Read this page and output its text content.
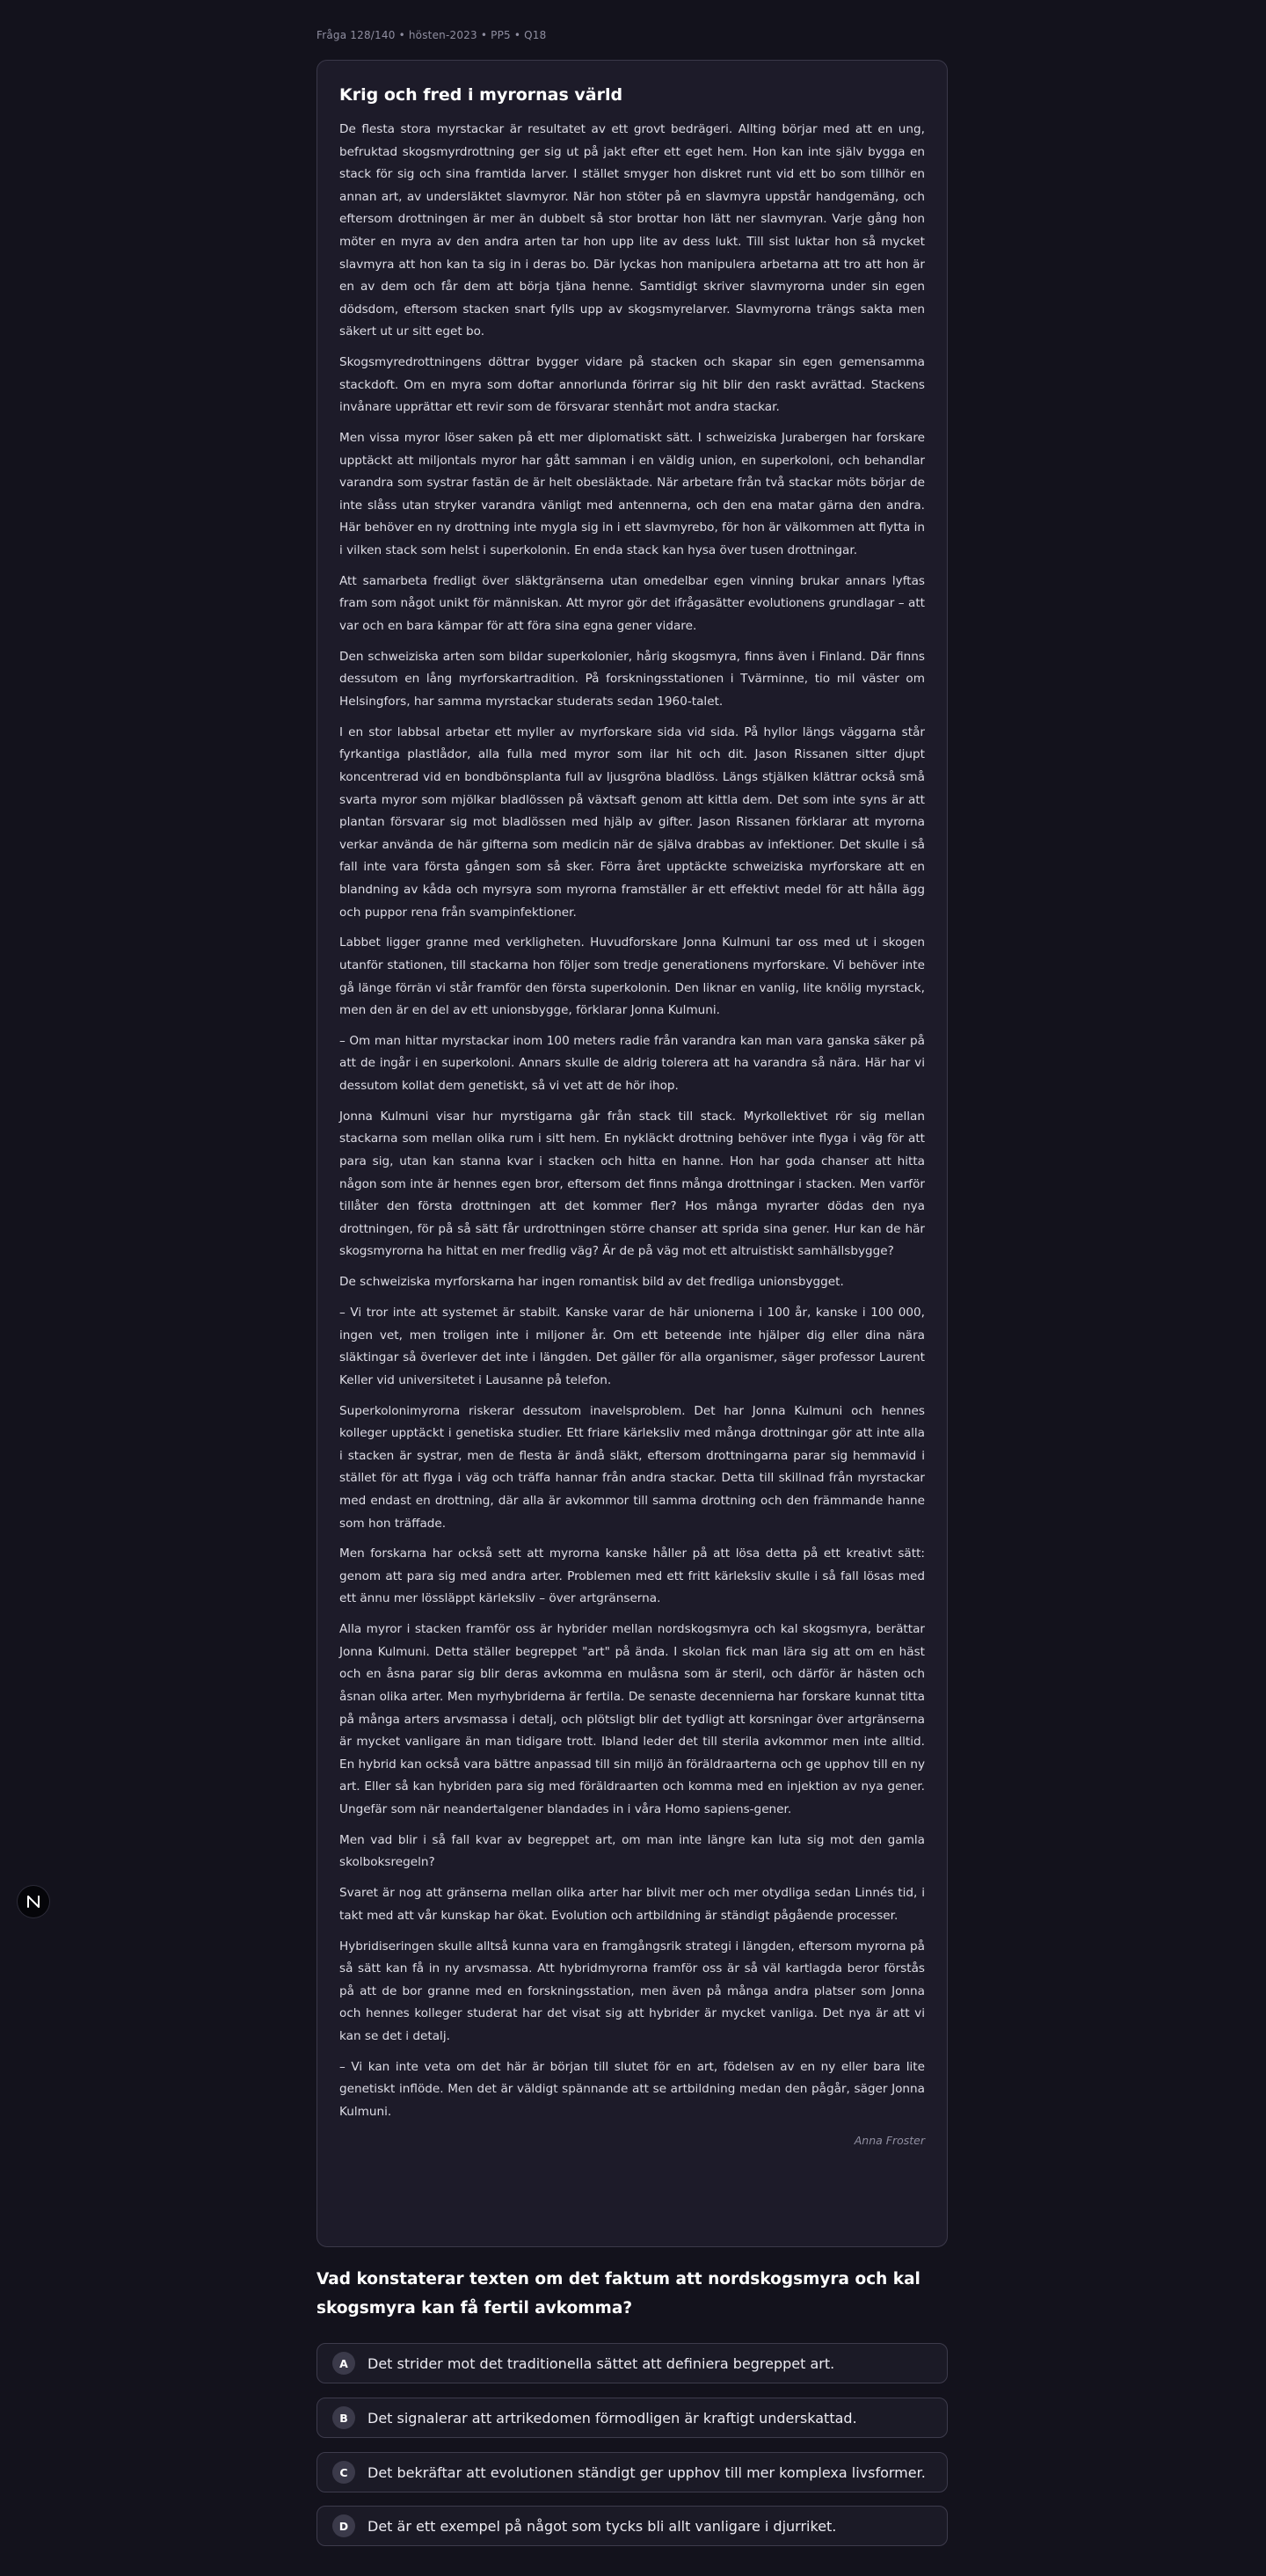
Fråga 128/140 • hösten-2023 • PP5 • Q18
Krig och fred i myrornas värld

De flesta stora myrstackar är resultatet av ett grovt bedrägeri. Allting börjar med att en ung, befruktad skogsmyrdrottning ger sig ut på jakt efter ett eget hem. Hon kan inte själv bygga en stack för sig och sina framtida larver. I stället smyger hon diskret runt vid ett bo som tillhör en annan art, av undersläktet slavmyror. När hon stöter på en slavmyra uppstår handgemäng, och eftersom drottningen är mer än dubbelt så stor brottar hon lätt ner slavmyran. Varje gång hon möter en myra av den andra arten tar hon upp lite av dess lukt. Till sist luktar hon så mycket slavmyra att hon kan ta sig in i deras bo. Där lyckas hon manipulera arbetarna att tro att hon är en av dem och får dem att börja tjäna henne. Samtidigt skriver slavmyrorna under sin egen dödsdom, eftersom stacken snart fylls upp av skogsmyrelarver. Slavmyrorna trängs sakta men säkert ut ur sitt eget bo.

Skogsmyredrottningens döttrar bygger vidare på stacken och skapar sin egen gemensamma stackdoft. Om en myra som doftar annorlunda förirrar sig hit blir den raskt avrättad. Stackens invånare upprättar ett revir som de försvarar stenhårt mot andra stackar.

Men vissa myror löser saken på ett mer diplomatiskt sätt. I schweiziska Jurabergen har forskare upptäckt att miljontals myror har gått samman i en väldig union, en superkoloni, och behandlar varandra som systrar fastän de är helt obesläktade. När arbetare från två stackar möts börjar de inte slåss utan stryker varandra vänligt med antennerna, och den ena matar gärna den andra. Här behöver en ny drottning inte mygla sig in i ett slavmyrebo, för hon är välkommen att flytta in i vilken stack som helst i superkolonin. En enda stack kan hysa över tusen drottningar.

Att samarbeta fredligt över släktgränserna utan omedelbar egen vinning brukar annars lyftas fram som något unikt för människan. Att myror gör det ifrågasätter evolutionens grundlagar – att var och en bara kämpar för att föra sina egna gener vidare.

Den schweiziska arten som bildar superkolonier, hårig skogsmyra, finns även i Finland. Där finns dessutom en lång myrforskartradition. På forskningsstationen i Tvärminne, tio mil väster om Helsingfors, har samma myrstackar studerats sedan 1960-talet.

I en stor labbsal arbetar ett myller av myrforskare sida vid sida. På hyllor längs väggarna står fyrkantiga plastlådor, alla fulla med myror som ilar hit och dit. Jason Rissanen sitter djupt koncentrerad vid en bondbönsplanta full av ljusgröna bladlöss. Längs stjälken klättrar också små svarta myror som mjölkar bladlössen på växtsaft genom att kittla dem. Det som inte syns är att plantan försvarar sig mot bladlössen med hjälp av gifter. Jason Rissanen förklarar att myrorna verkar använda de här gifterna som medicin när de själva drabbas av infektioner. Det skulle i så fall inte vara första gången som så sker. Förra året upptäckte schweiziska myrforskare att en blandning av kåda och myrsyra som myrorna framställer är ett effektivt medel för att hålla ägg och puppor rena från svampinfektioner.

Labbet ligger granne med verkligheten. Huvudforskare Jonna Kulmuni tar oss med ut i skogen utanför stationen, till stackarna hon följer som tredje generationens myrforskare. Vi behöver inte gå länge förrän vi står framför den första superkolonin. Den liknar en vanlig, lite knölig myrstack, men den är en del av ett unionsbygge, förklarar Jonna Kulmuni.

– Om man hittar myrstackar inom 100 meters radie från varandra kan man vara ganska säker på att de ingår i en superkoloni. Annars skulle de aldrig tolerera att ha varandra så nära. Här har vi dessutom kollat dem genetiskt, så vi vet att de hör ihop.

Jonna Kulmuni visar hur myrstigarna går från stack till stack. Myrkollektivet rör sig mellan stackarna som mellan olika rum i sitt hem. En nykläckt drottning behöver inte flyga i väg för att para sig, utan kan stanna kvar i stacken och hitta en hanne. Hon har goda chanser att hitta någon som inte är hennes egen bror, eftersom det finns många drottningar i stacken. Men varför tillåter den första drottningen att det kommer fler? Hos många myrarter dödas den nya drottningen, för på så sätt får urdrottningen större chanser att sprida sina gener. Hur kan de här skogsmyrorna ha hittat en mer fredlig väg? Är de på väg mot ett altruistiskt samhällsbygge?

De schweiziska myrforskarna har ingen romantisk bild av det fredliga unionsbygget.

– Vi tror inte att systemet är stabilt. Kanske varar de här unionerna i 100 år, kanske i 100 000, ingen vet, men troligen inte i miljoner år. Om ett beteende inte hjälper dig eller dina nära släktingar så överlever det inte i längden. Det gäller för alla organismer, säger professor Laurent Keller vid universitetet i Lausanne på telefon.

Superkolonimyrorna riskerar dessutom inavelsproblem. Det har Jonna Kulmuni och hennes kolleger upptäckt i genetiska studier. Ett friare kärleksliv med många drottningar gör att inte alla i stacken är systrar, men de flesta är ändå släkt, eftersom drottningarna parar sig hemmavid i stället för att flyga i väg och träffa hannar från andra stackar. Detta till skillnad från myrstackar med endast en drottning, där alla är avkommor till samma drottning och den främmande hanne som hon träffade.

Men forskarna har också sett att myrorna kanske håller på att lösa detta på ett kreativt sätt: genom att para sig med andra arter. Problemen med ett fritt kärleksliv skulle i så fall lösas med ett ännu mer lössläppt kärleksliv – över artgränserna.

Alla myror i stacken framför oss är hybrider mellan nordskogsmyra och kal skogsmyra, berättar Jonna Kulmuni. Detta ställer begreppet "art" på ända. I skolan fick man lära sig att om en häst och en åsna parar sig blir deras avkomma en mulåsna som är steril, och därför är hästen och åsnan olika arter. Men myrhybriderna är fertila. De senaste decennierna har forskare kunnat titta på många arters arvsmassa i detalj, och plötsligt blir det tydligt att korsningar över artgränserna är mycket vanligare än man tidigare trott. Ibland leder det till sterila avkommor men inte alltid. En hybrid kan också vara bättre anpassad till sin miljö än föräldraarterna och ge upphov till en ny art. Eller så kan hybriden para sig med föräldraarten och komma med en injektion av nya gener. Ungefär som när neandertalgener blandades in i våra Homo sapiens-gener.

Men vad blir i så fall kvar av begreppet art, om man inte längre kan luta sig mot den gamla skolboksregeln?

Svaret är nog att gränserna mellan olika arter har blivit mer och mer otydliga sedan Linnés tid, i takt med att vår kunskap har ökat. Evolution och artbildning är ständigt pågående processer.

Hybridiseringen skulle alltså kunna vara en framgångsrik strategi i längden, eftersom myrorna på så sätt kan få in ny arvsmassa. Att hybridmyrorna framför oss är så väl kartlagda beror förstås på att de bor granne med en forskningsstation, men även på många andra platser som Jonna och hennes kolleger studerat har det visat sig att hybrider är mycket vanliga. Det nya är att vi kan se det i detalj.

– Vi kan inte veta om det här är början till slutet för en art, födelsen av en ny eller bara lite genetiskt inflöde. Men det är väldigt spännande att se artbildning medan den pågår, säger Jonna Kulmuni.

Anna Froster
Vad konstaterar texten om det faktum att nordskogsmyra och kal skogsmyra kan få fertil avkomma?
A	Det strider mot det traditionella sättet att definiera begreppet art.
B	Det signalerar att artrikedomen förmodligen är kraftigt underskattad.
C	Det bekräftar att evolutionen ständigt ger upphov till mer komplexa livsformer.
D	Det är ett exempel på något som tycks bli allt vanligare i djurriket.
